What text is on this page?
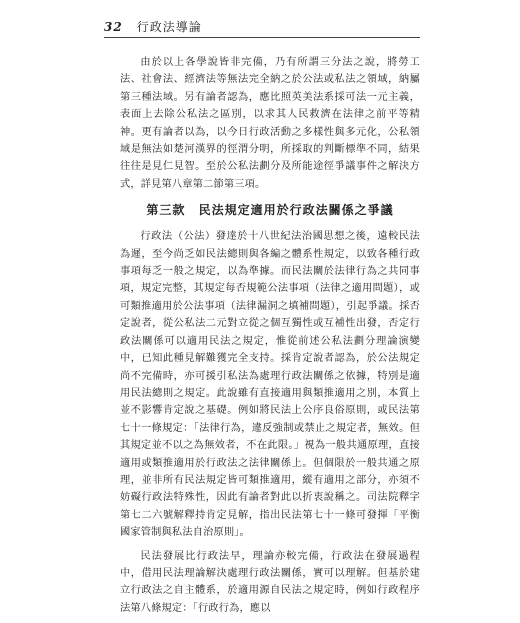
32 行政法導論

由於以上各學說皆非完備，乃有所謂三分法之說，將勞工法、社會法、經濟法等無法完全納之於公法或私法之領域，納屬第三種法域。另有論者認為，應比照英美法系採可法一元主義，表面上去除公私法之區別，以求其人民救濟在法律之前平等精神。更有論者以為，以今日行政活動之多樣性與多元化，公私領域是無法如楚河漢界的徑渭分明，所採取的判斷標準不同，結果往往是見仁見智。至於公私法劃分及所能途徑爭議事件之解決方式，詳見第八章第二節第三項。

第三款 民法規定適用於行政法關係之爭議

行政法（公法）發達於十八世紀法治國思想之後，遠較民法為遲，至今尚乏如民法總則與各編之體系性規定，以致各種行政事項每乏一般之規定，以為準據。而民法關於法律行為之共同事項，規定完整，其規定每否規範公法事項（法律之適用問題），或可類推適用於公法事項（法律漏洞之填補問題），引起爭議。採否定說者，從公私法二元對立從之個互獨性或互補性出發，否定行政法關係可以適用民法之規定，惟從前述公私法劃分理論演變中，已知此種見解難獲完全支持。採肯定說者認為，於公法規定尚不完備時，亦可援引私法為處理行政法關係之依據，特別是適用民法總則之規定。此說雖有直接適用與類推適用之別，本質上並不影響肯定說之基礎。例如將民法上公序良俗原則，或民法第七十一條規定：「法律行為，違反強制或禁止之規定者，無效。但其規定並不以之為無效者，不在此限。」視為一般共通原理，直接適用或類推適用於行政法之法律關係上。但個限於一般共通之原理，並非所有民法規定皆可類推適用，縱有適用之部分，亦須不妨礙行政法特殊性，因此有論者對此以折衷說稱之。司法院釋字第七二六號解釋持肯定見解，指出民法第七十一條可發揮「平衡國家管制與私法自治原則」。

民法發展比行政法早，理論亦較完備，行政法在發展過程中，借用民法理論解決處理行政法關係，實可以理解。但基於建立行政法之自主體系，於適用源自民法之規定時，例如行政程序法第八條規定：「行政行為，應以
